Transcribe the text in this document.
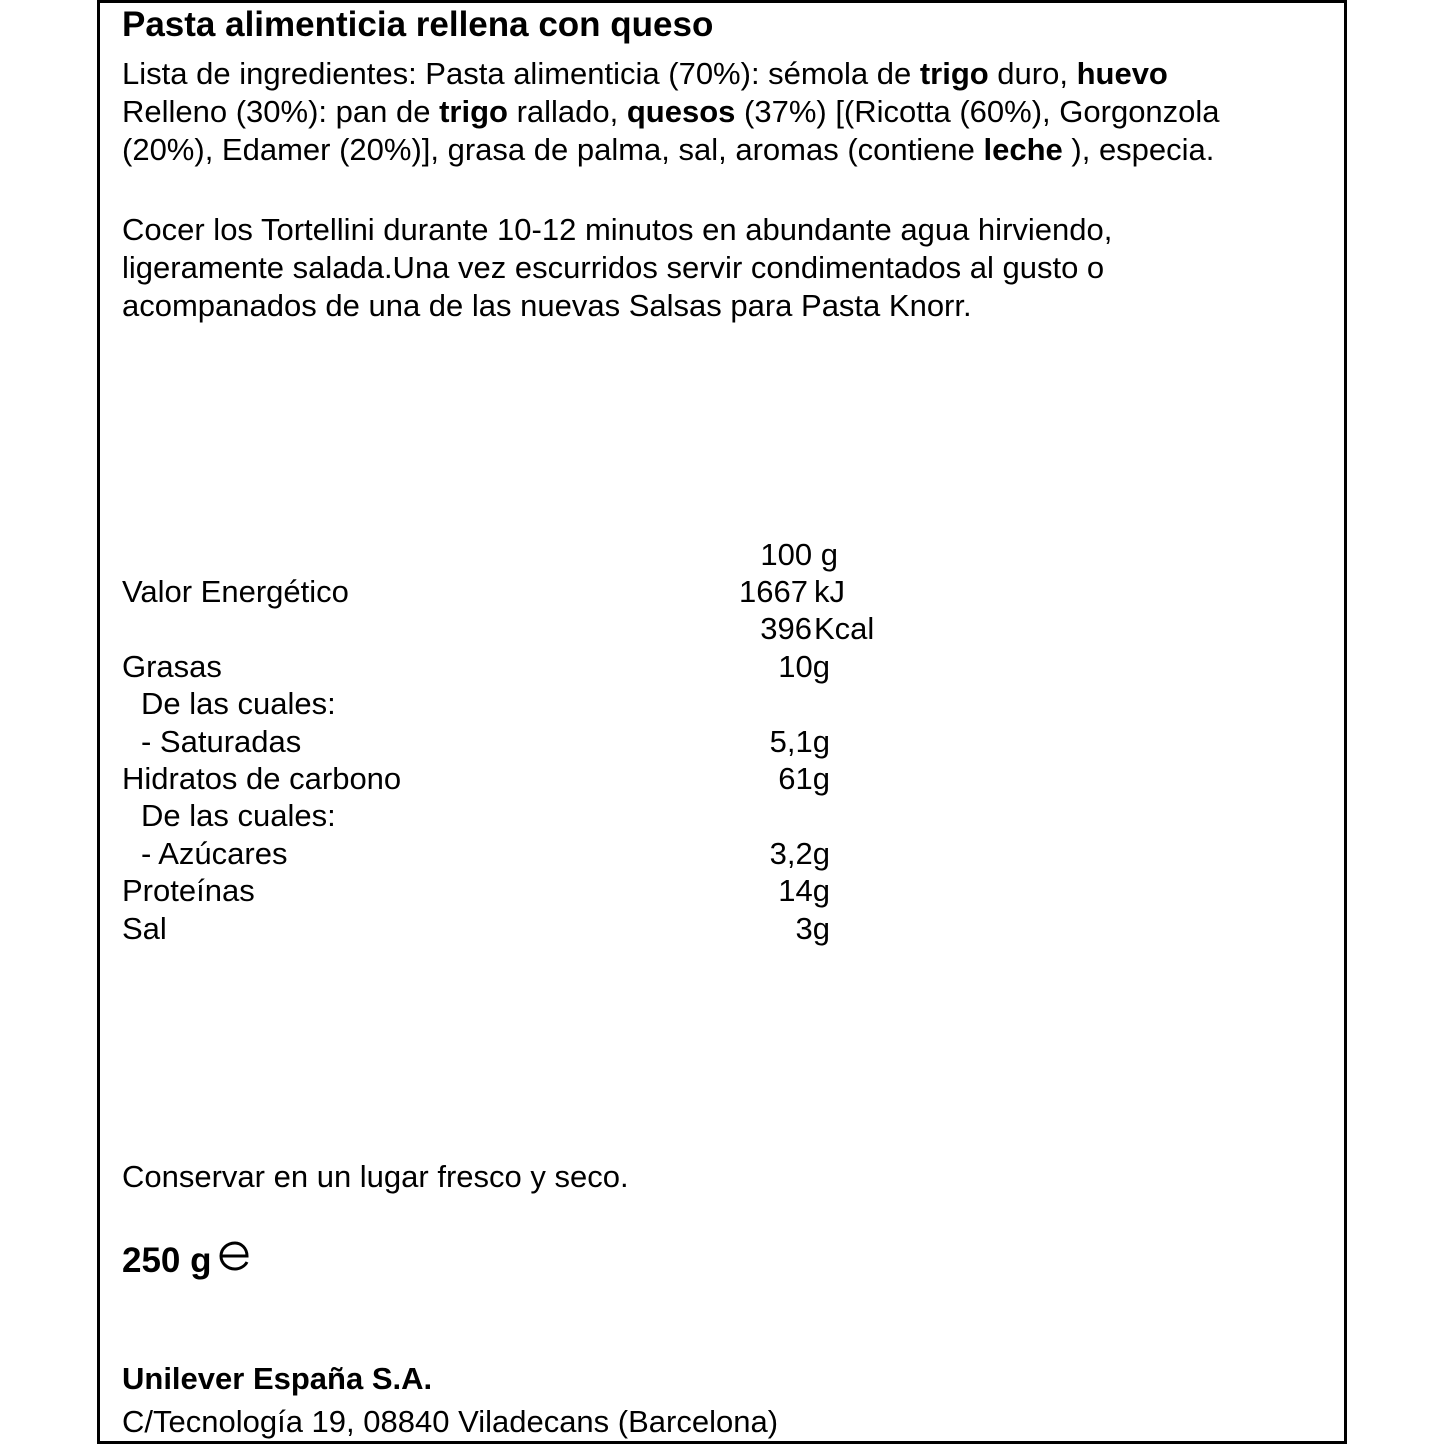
Pasta alimenticia rellena con queso
Lista de ingredientes: Pasta alimenticia (70%): sémola de trigo duro, huevo
Relleno (30%): pan de trigo rallado, quesos (37%) [(Ricotta (60%), Gorgonzola
(20%), Edamer (20%)], grasa de palma, sal, aromas (contiene leche ), especia.
Cocer los Tortellini durante 10-12 minutos en abundante agua hirviendo,
ligeramente salada.Una vez escurridos servir condimentados al gusto o
acompanados de una de las nuevas Salsas para Pasta Knorr.
100 g
Valor Energético	1667 kJ
396 Kcal
Grasas	10g
De las cuales:
- Saturadas	5,1g
Hidratos de carbono	61g
De las cuales:
- Azúcares	3,2g
Proteínas	14g
Sal	3g
Conservar en un lugar fresco y seco.
250 g
Unilever España S.A.
C/Tecnología 19, 08840 Viladecans (Barcelona)
